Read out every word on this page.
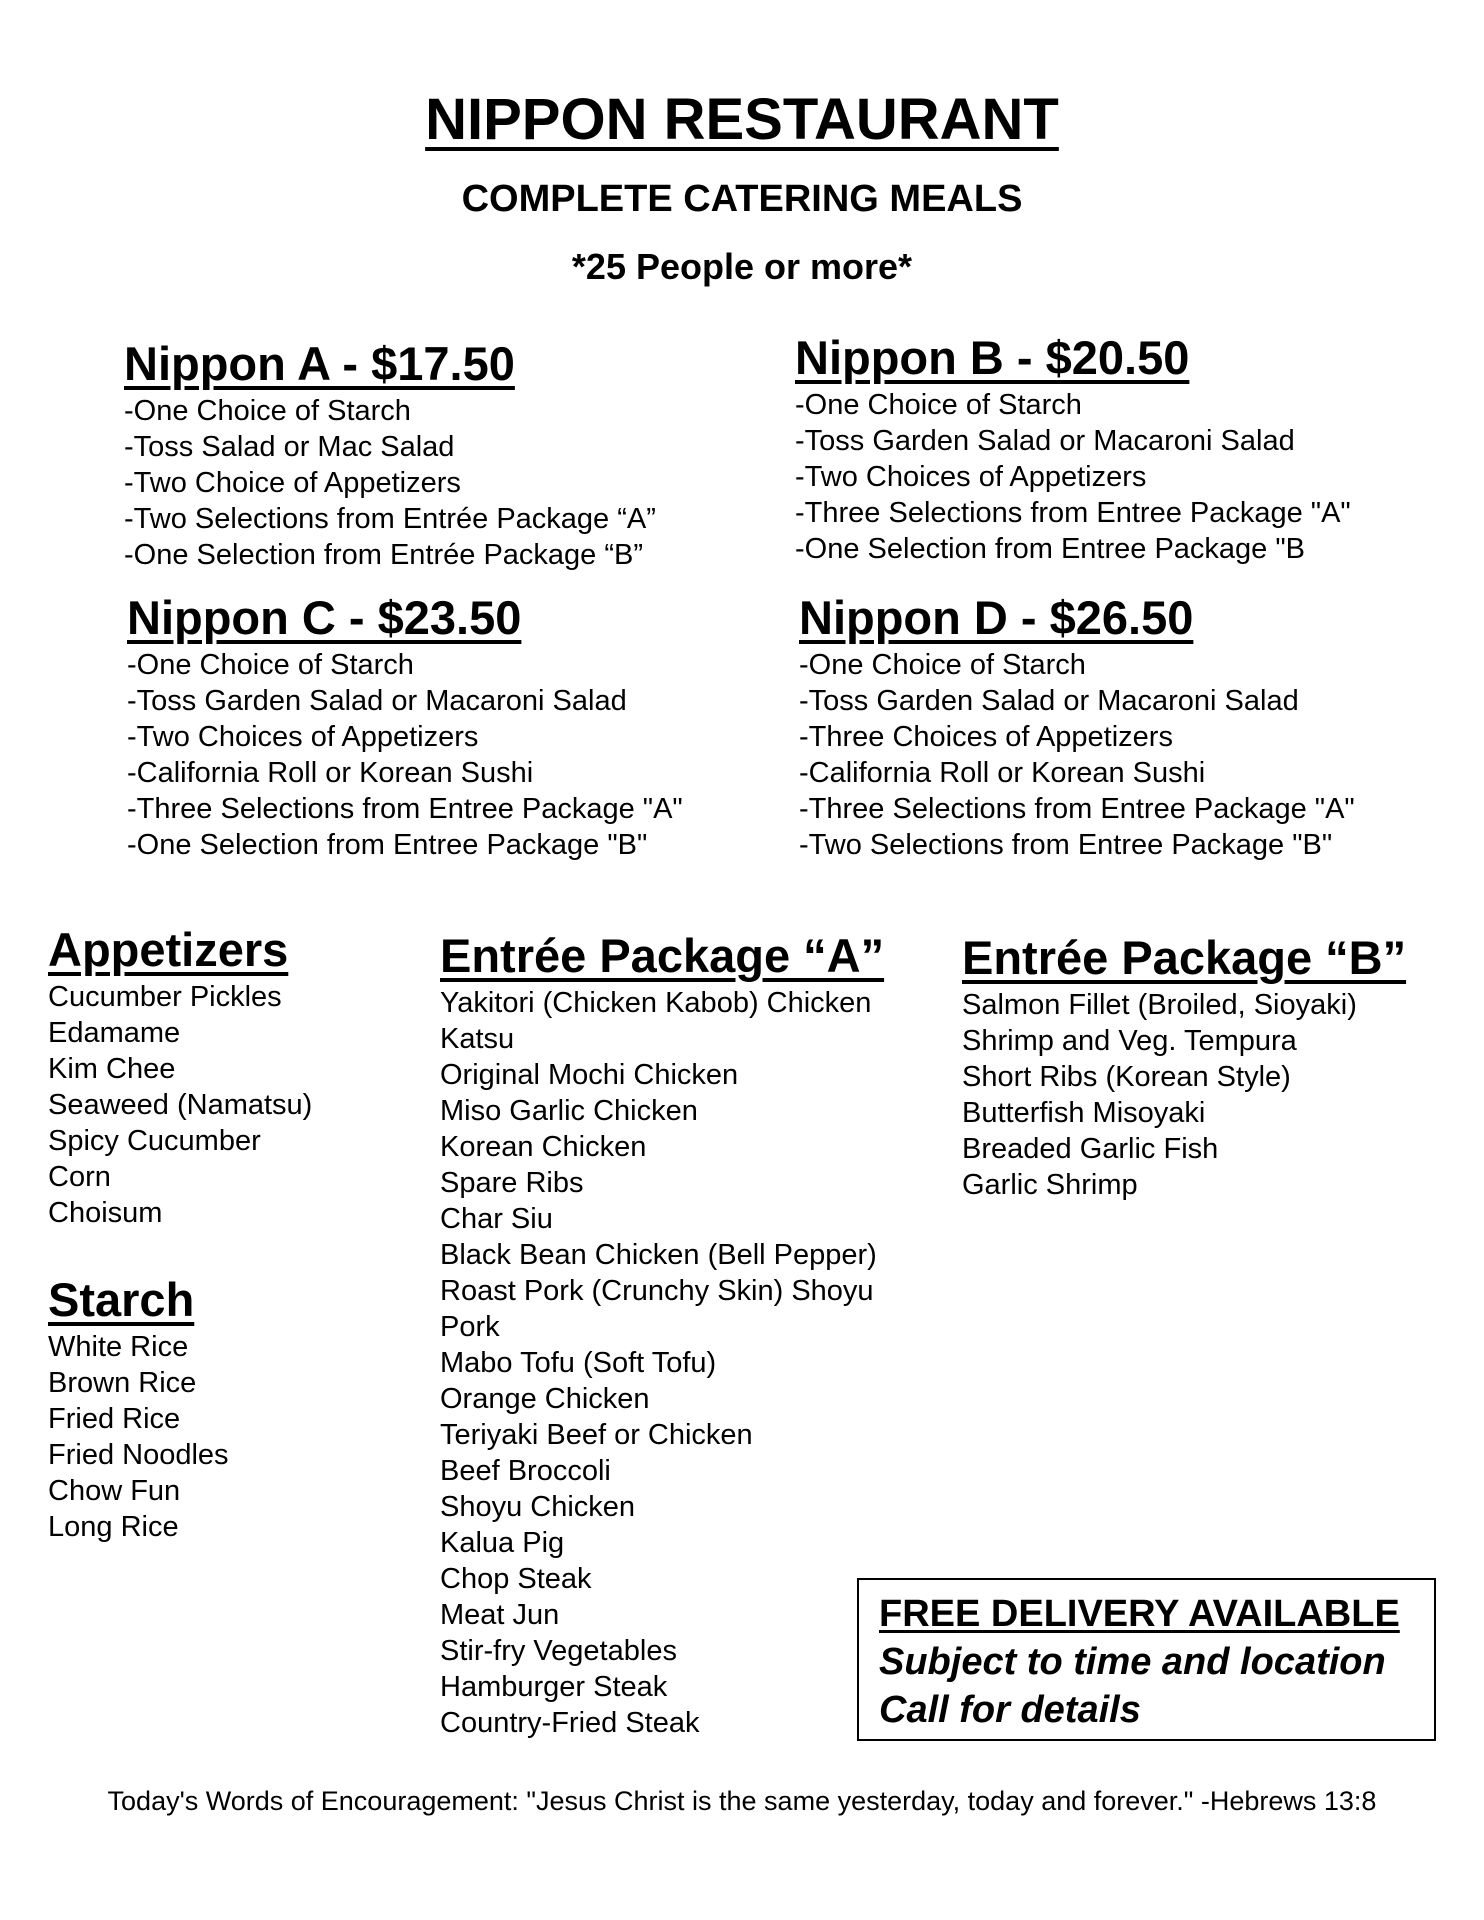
NIPPON RESTAURANT
COMPLETE CATERING MEALS
*25 People or more*
Nippon A - $17.50
-One Choice of Starch
-Toss Salad or Mac Salad
-Two Choice of Appetizers
-Two Selections from Entrée Package “A”
-One Selection from Entrée Package “B”
Nippon B - $20.50
-One Choice of Starch
-Toss Garden Salad or Macaroni Salad
-Two Choices of Appetizers
-Three Selections from Entree Package "A"
-One Selection from Entree Package "B
Nippon C - $23.50
-One Choice of Starch
-Toss Garden Salad or Macaroni Salad
-Two Choices of Appetizers
-California Roll or Korean Sushi
-Three Selections from Entree Package "A"
-One Selection from Entree Package "B"
Nippon D - $26.50
-One Choice of Starch
-Toss Garden Salad or Macaroni Salad
-Three Choices of Appetizers
-California Roll or Korean Sushi
-Three Selections from Entree Package "A"
-Two Selections from Entree Package "B"
Appetizers
Cucumber Pickles
Edamame
Kim Chee
Seaweed (Namatsu)
Spicy Cucumber
Corn
Choisum
Starch
White Rice
Brown Rice
Fried Rice
Fried Noodles
Chow Fun
Long Rice
Entrée Package “A”
Yakitori (Chicken Kabob) Chicken
Katsu
Original Mochi Chicken
Miso Garlic Chicken
Korean Chicken
Spare Ribs
Char Siu
Black Bean Chicken (Bell Pepper)
Roast Pork (Crunchy Skin) Shoyu
Pork
Mabo Tofu (Soft Tofu)
Orange Chicken
Teriyaki Beef or Chicken
Beef Broccoli
Shoyu Chicken
Kalua Pig
Chop Steak
Meat Jun
Stir-fry Vegetables
Hamburger Steak
Country-Fried Steak
Entrée Package “B”
Salmon Fillet (Broiled, Sioyaki)
Shrimp and Veg. Tempura
Short Ribs (Korean Style)
Butterfish Misoyaki
Breaded Garlic Fish
Garlic Shrimp
FREE DELIVERY AVAILABLE
Subject to time and location
Call for details
Today's Words of Encouragement: "Jesus Christ is the same yesterday, today and forever." -Hebrews 13:8
